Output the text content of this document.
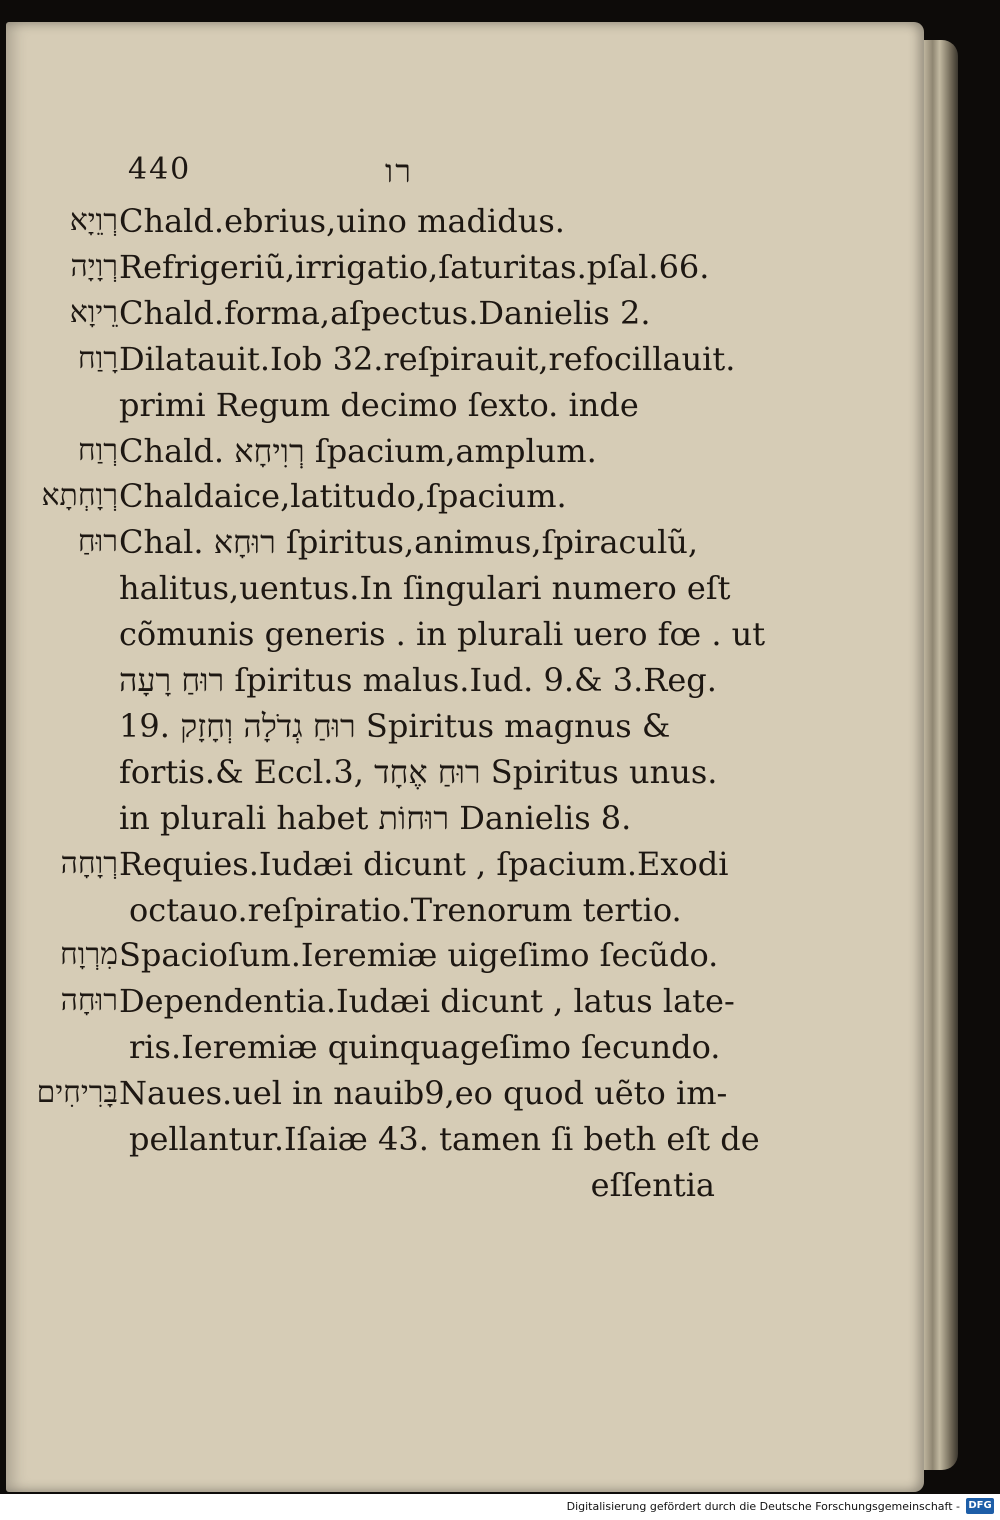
440	רו
רְוֵיָא Chald.ebrius,uino madidus.
רְוָיָה Refrigeriũ,irrigatio,ſaturitas.pſal.66.
רֵיוָא Chald.forma,aſpectus.Danielis 2.
רָוַח Dilatauit.Iob 32.reſpirauit,refocillauit.
primi Regum decimo ſexto. inde
רְוַח Chald. רְוִיחָא ſpacium,amplum.
רְוָחְתָא Chaldaice,latitudo,ſpacium.
רוּחַ Chal. רוּחָא ſpiritus,animus,ſpiraculũ,
halitus,uentus.In ſingulari numero eſt
cõmunis generis . in plurali uero fœ . ut
רוּחַ רָעָה ſpiritus malus.Iud. 9.& 3.Reg.
19. רוּחַ גְדֹלָה וְחָזָק Spiritus magnus &
fortis.& Eccl.3, רוּחַ אֶחָד Spiritus unus.
in plurali habet רוּחוֹת Danielis 8.
רְוָחָה Requies.Iudæi dicunt , ſpacium.Exodi
octauo.reſpiratio.Trenorum tertio.
מִרְוָח Spacioſum.Ieremiæ uigeſimo ſecũdo.
רוּחָה Dependentia.Iudæi dicunt , latus late-
ris.Ieremiæ quinquageſimo ſecundo.
בָּרִיחִים Naues.uel in nauib9,eo quod uẽto im-
pellantur.Iſaiæ 43. tamen ſi beth eſt de
eſſentia
Digitalisierung gefördert durch die Deutsche Forschungsgemeinschaft - DFG
